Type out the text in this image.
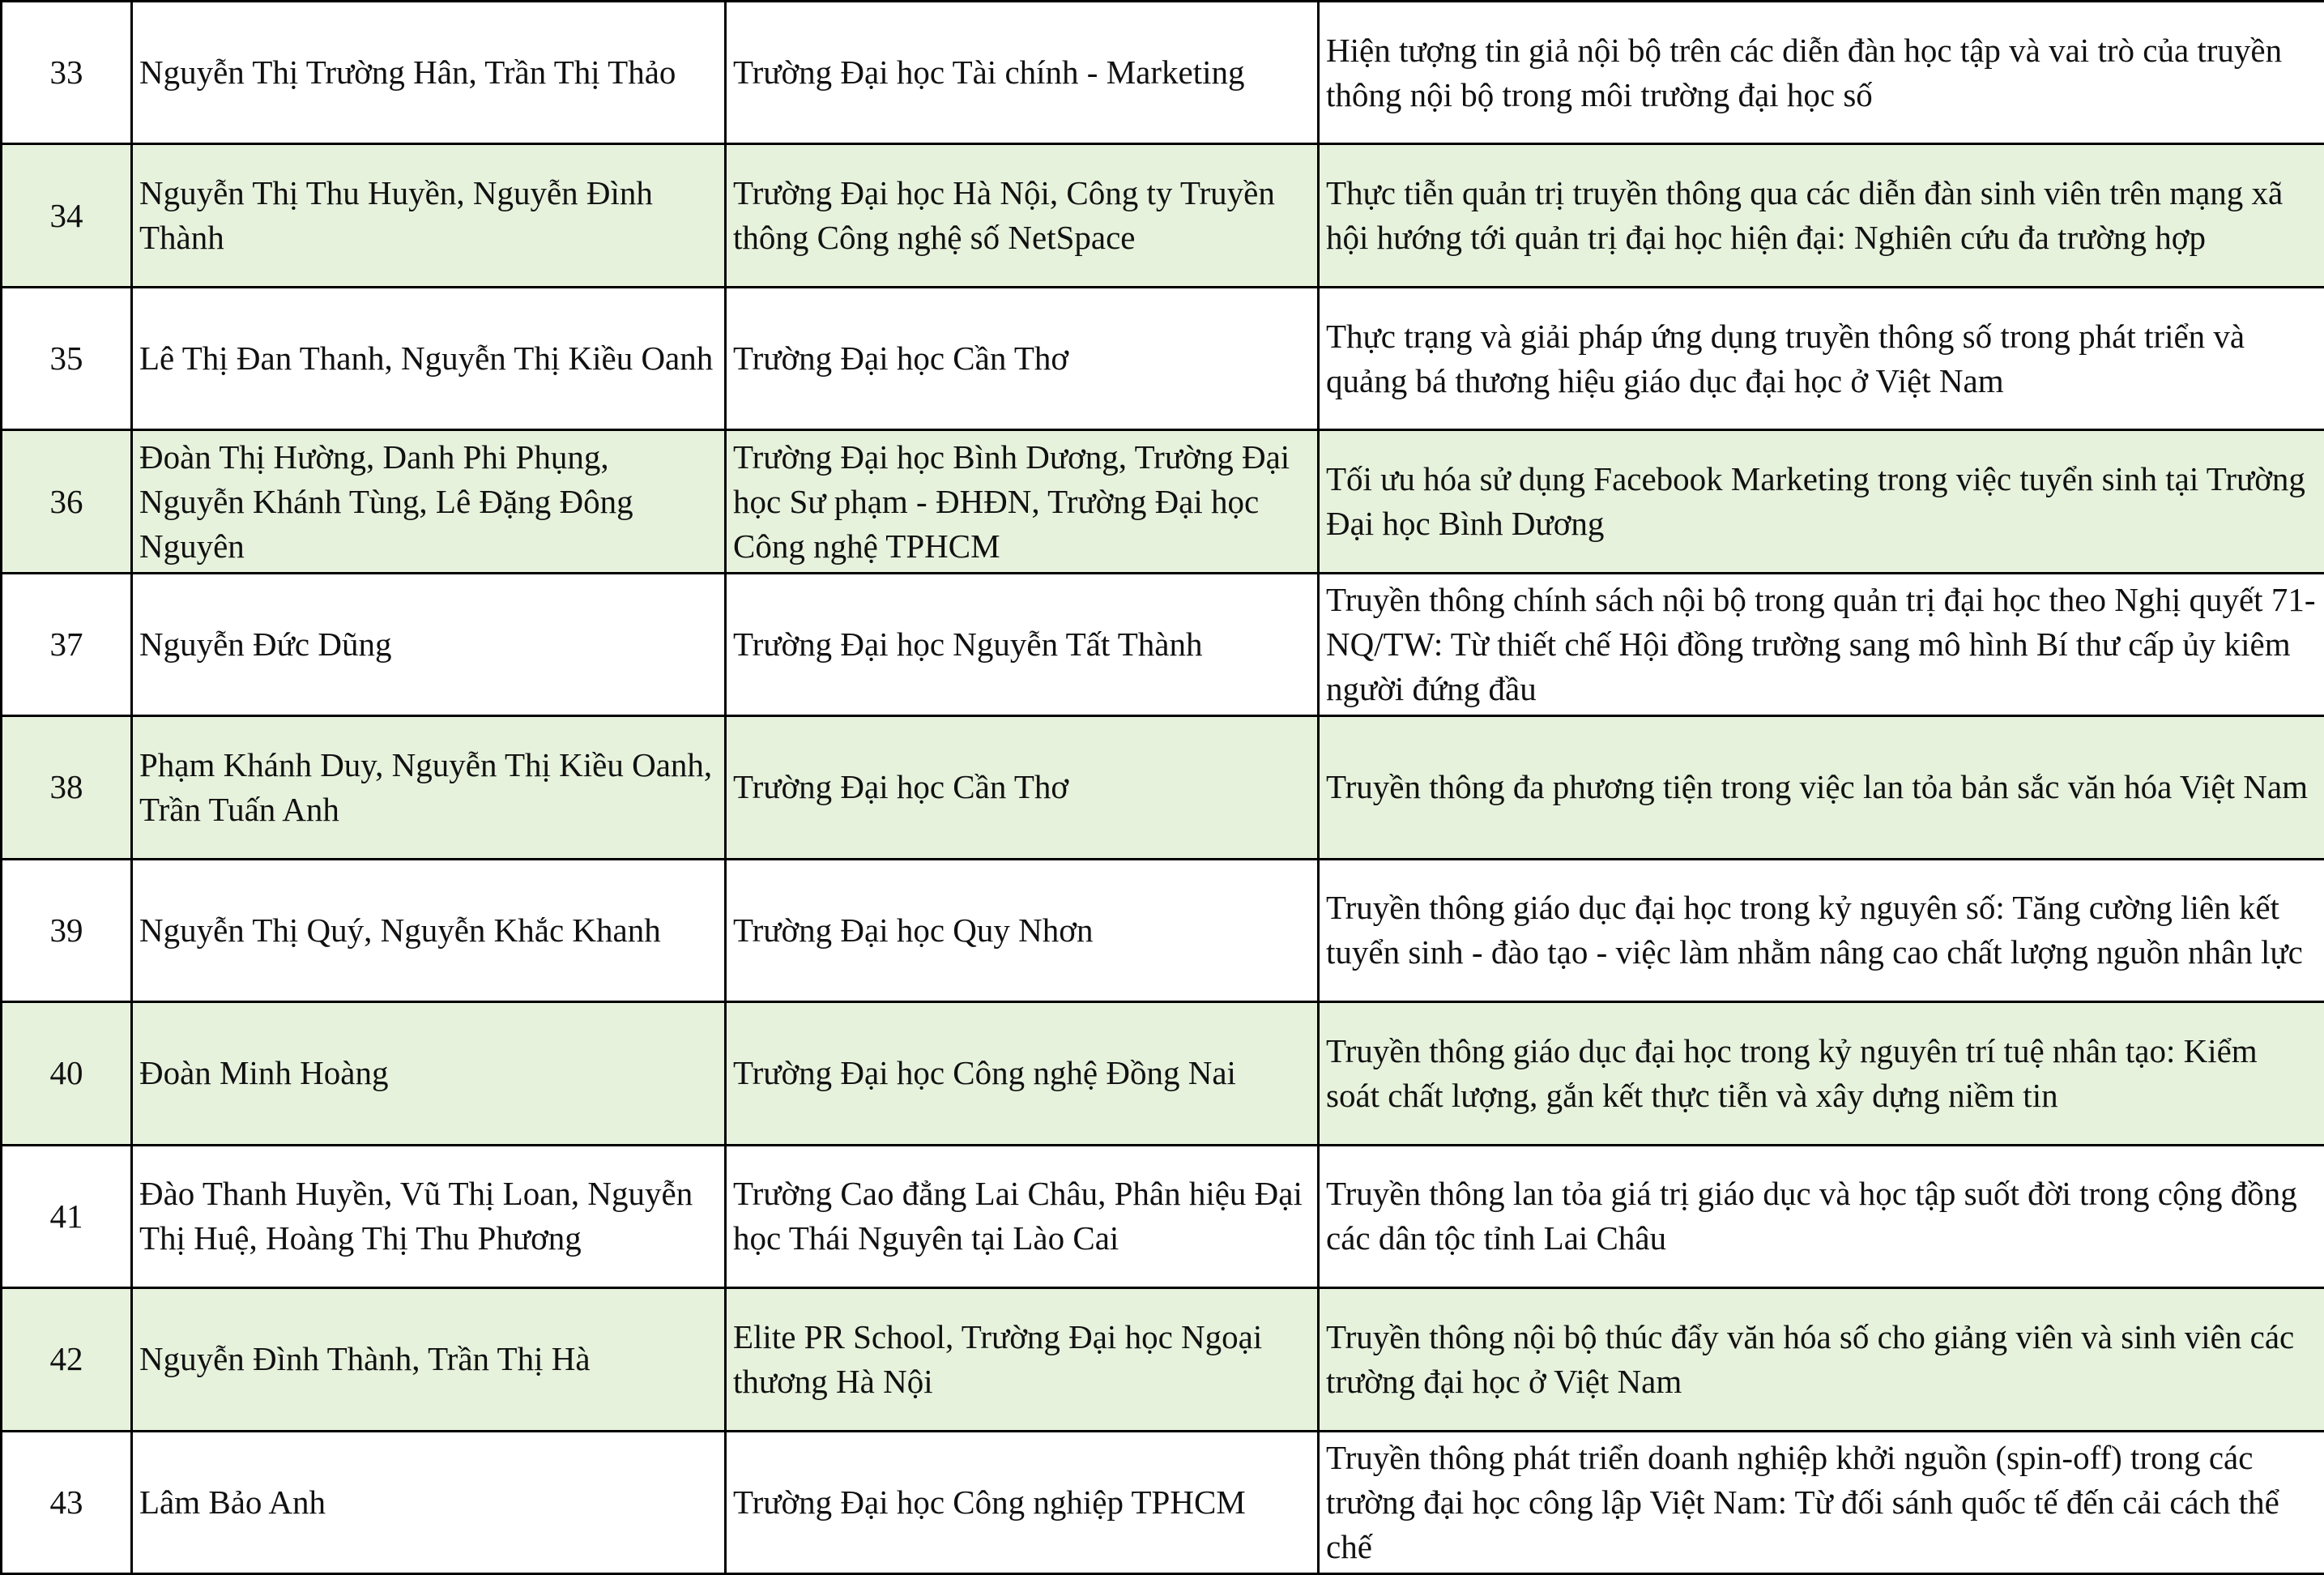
33	Nguyễn Thị Trường Hân, Trần Thị Thảo	Trường Đại học Tài chính - Marketing	Hiện tượng tin giả nội bộ trên các diễn đàn học tập và vai trò của truyền thông nội bộ trong môi trường đại học số
34	Nguyễn Thị Thu Huyền, Nguyễn Đình Thành	Trường Đại học Hà Nội, Công ty Truyền thông Công nghệ số NetSpace	Thực tiễn quản trị truyền thông qua các diễn đàn sinh viên trên mạng xã hội hướng tới quản trị đại học hiện đại: Nghiên cứu đa trường hợp
35	Lê Thị Đan Thanh, Nguyễn Thị Kiều Oanh	Trường Đại học Cần Thơ	Thực trạng và giải pháp ứng dụng truyền thông số trong phát triển và quảng bá thương hiệu giáo dục đại học ở Việt Nam
36	Đoàn Thị Hường, Danh Phi Phụng, Nguyễn Khánh Tùng, Lê Đặng Đông Nguyên	Trường Đại học Bình Dương, Trường Đại học Sư phạm - ĐHĐN, Trường Đại học Công nghệ TPHCM	Tối ưu hóa sử dụng Facebook Marketing trong việc tuyển sinh tại Trường Đại học Bình Dương
37	Nguyễn Đức Dũng	Trường Đại học Nguyễn Tất Thành	Truyền thông chính sách nội bộ trong quản trị đại học theo Nghị quyết 71-NQ/TW: Từ thiết chế Hội đồng trường sang mô hình Bí thư cấp ủy kiêm người đứng đầu
38	Phạm Khánh Duy, Nguyễn Thị Kiều Oanh, Trần Tuấn Anh	Trường Đại học Cần Thơ	Truyền thông đa phương tiện trong việc lan tỏa bản sắc văn hóa Việt Nam
39	Nguyễn Thị Quý, Nguyễn Khắc Khanh	Trường Đại học Quy Nhơn	Truyền thông giáo dục đại học trong kỷ nguyên số: Tăng cường liên kết tuyển sinh - đào tạo - việc làm nhằm nâng cao chất lượng nguồn nhân lực
40	Đoàn Minh Hoàng	Trường Đại học Công nghệ Đồng Nai	Truyền thông giáo dục đại học trong kỷ nguyên trí tuệ nhân tạo: Kiểm soát chất lượng, gắn kết thực tiễn và xây dựng niềm tin
41	Đào Thanh Huyền, Vũ Thị Loan, Nguyễn Thị Huệ, Hoàng Thị Thu Phương	Trường Cao đẳng Lai Châu, Phân hiệu Đại học Thái Nguyên tại Lào Cai	Truyền thông lan tỏa giá trị giáo dục và học tập suốt đời trong cộng đồng các dân tộc tỉnh Lai Châu
42	Nguyễn Đình Thành, Trần Thị Hà	Elite PR School, Trường Đại học Ngoại thương Hà Nội	Truyền thông nội bộ thúc đẩy văn hóa số cho giảng viên và sinh viên các trường đại học ở Việt Nam
43	Lâm Bảo Anh	Trường Đại học Công nghiệp TPHCM	Truyền thông phát triển doanh nghiệp khởi nguồn (spin-off) trong các trường đại học công lập Việt Nam: Từ đối sánh quốc tế đến cải cách thể chế
